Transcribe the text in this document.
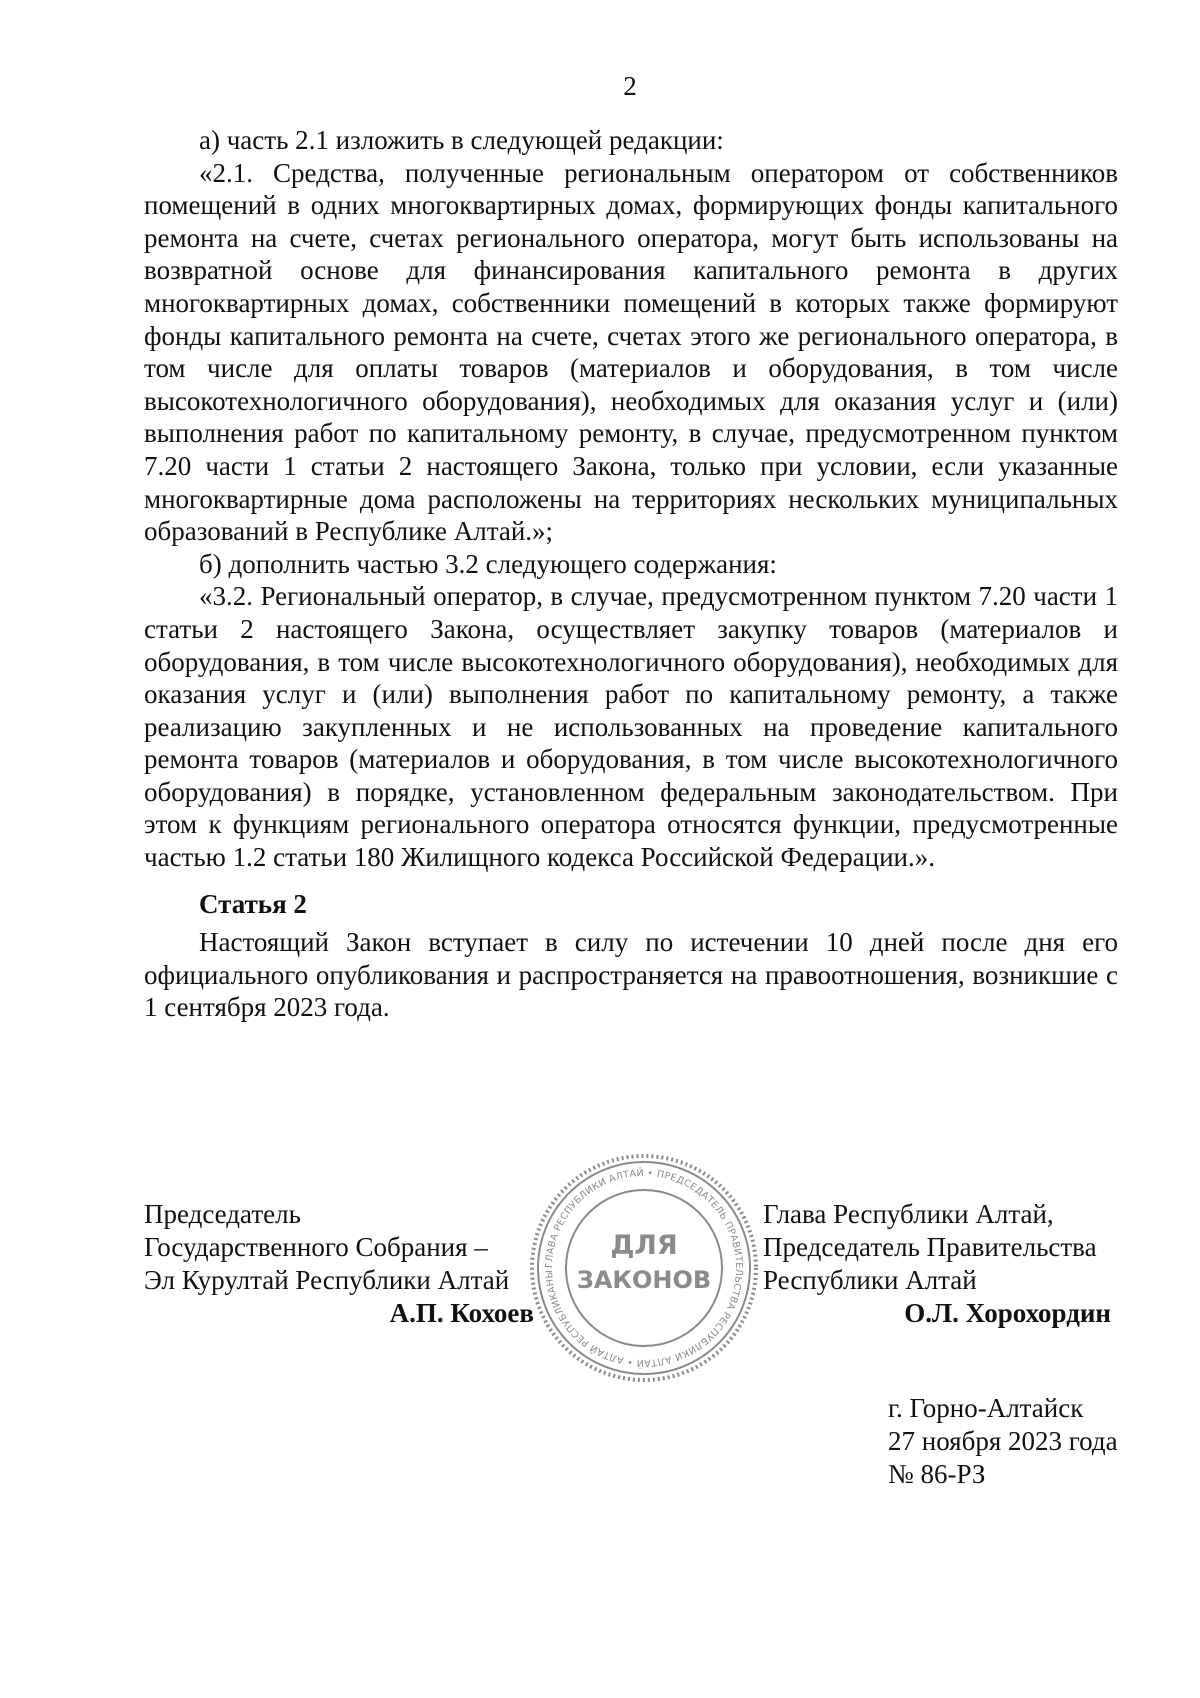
2

а) часть 2.1 изложить в следующей редакции:

«2.1. Средства, полученные региональным оператором от собственников помещений в одних многоквартирных домах, формирующих фонды капитального ремонта на счете, счетах регионального оператора, могут быть использованы на возвратной основе для финансирования капитального ремонта в других многоквартирных домах, собственники помещений в которых также формируют фонды капитального ремонта на счете, счетах этого же регионального оператора, в том числе для оплаты товаров (материалов и оборудования, в том числе высокотехнологичного оборудования), необходимых для оказания услуг и (или) выполнения работ по капитальному ремонту, в случае, предусмотренном пунктом 7.20 части 1 статьи 2 настоящего Закона, только при условии, если указанные многоквартирные дома расположены на территориях нескольких муниципальных образований в Республике Алтай.»;

б) дополнить частью 3.2 следующего содержания:

«3.2. Региональный оператор, в случае, предусмотренном пунктом 7.20 части 1 статьи 2 настоящего Закона, осуществляет закупку товаров (материалов и оборудования, в том числе высокотехнологичного оборудования), необходимых для оказания услуг и (или) выполнения работ по капитальному ремонту, а также реализацию закупленных и не использованных на проведение капитального ремонта товаров (материалов и оборудования, в том числе высокотехнологичного оборудования) в порядке, установленном федеральным законодательством. При этом к функциям регионального оператора относятся функции, предусмотренные частью 1.2 статьи 180 Жилищного кодекса Российской Федерации.».

Статья 2

Настоящий Закон вступает в силу по истечении 10 дней после дня его официального опубликования и распространяется на правоотношения, возникшие с 1 сентября 2023 года.

Председатель
Государственного Собрания –
Эл Курултай Республики Алтай
А.П. Кохоев
Глава Республики Алтай,
Председатель Правительства
Республики Алтай
О.Л. Хорохордин
ГЛАВА РЕСПУБЛИКИ АЛТАЙ • ПРЕДСЕДАТЕЛЬ ПРАВИТЕЛЬСТВА РЕСПУБЛИКИ АЛТАЙ • АЛТАЙ РЕСПУБЛИКАНЫ
ДЛЯ
ЗАКОНОВ
г. Горно-Алтайск
27 ноября 2023 года
№ 86-РЗ
